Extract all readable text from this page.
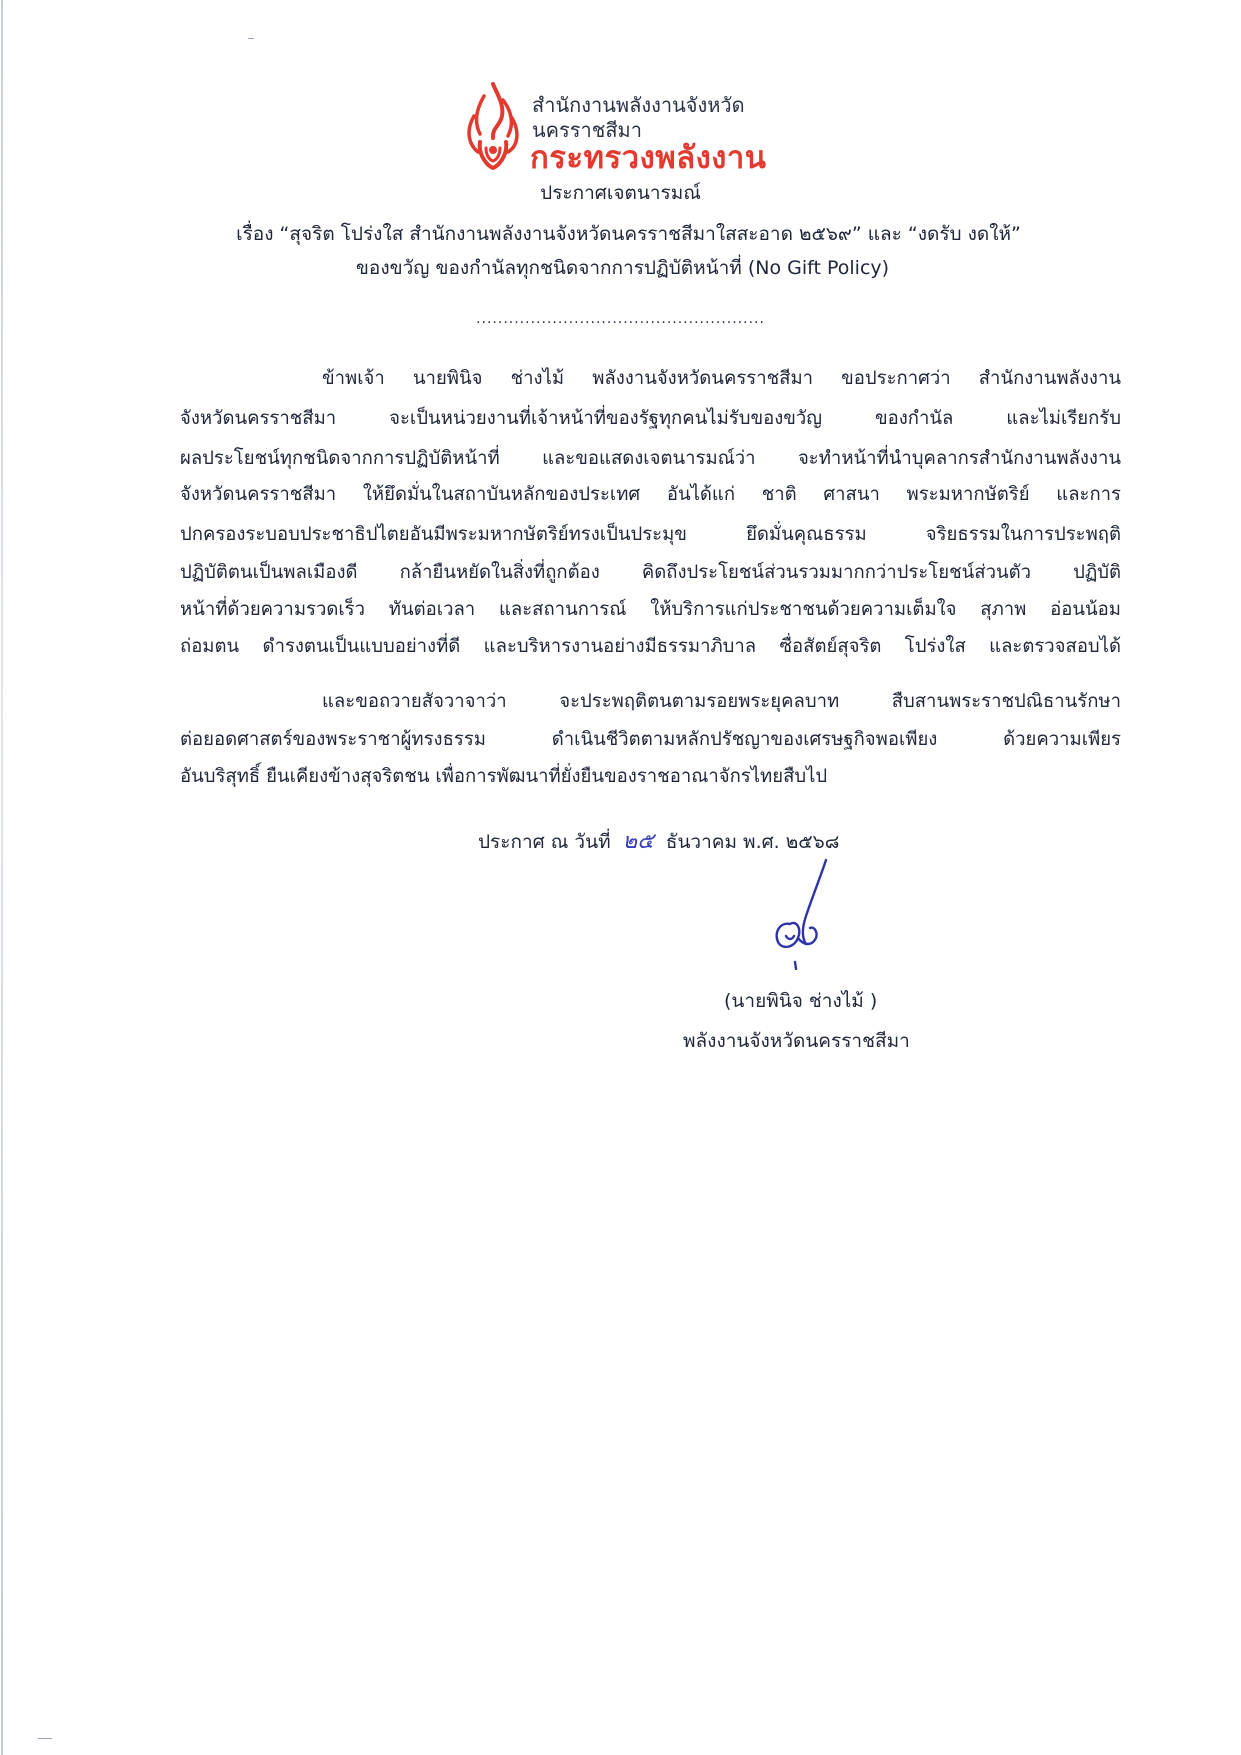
สำนักงานพลังงานจังหวัด
นครราชสีมา
กระทรวงพลังงาน
ประกาศเจตนารมณ์
เรื่อง “สุจริต โปร่งใส สำนักงานพลังงานจังหวัดนครราชสีมาใสสะอาด ๒๕๖๙” และ “งดรับ งดให้”
ของขวัญ ของกำนัลทุกชนิดจากการปฏิบัติหน้าที่ (No Gift Policy)
.....................................................
ข้าพเจ้า นายพินิจ ช่างไม้ พลังงานจังหวัดนครราชสีมา ขอประกาศว่า สำนักงานพลังงาน
จังหวัดนครราชสีมา จะเป็นหน่วยงานที่เจ้าหน้าที่ของรัฐทุกคนไม่รับของขวัญ ของกำนัล และไม่เรียกรับ
ผลประโยชน์ทุกชนิดจากการปฏิบัติหน้าที่ และขอแสดงเจตนารมณ์ว่า จะทำหน้าที่นำบุคลากรสำนักงานพลังงาน
จังหวัดนครราชสีมา ให้ยึดมั่นในสถาบันหลักของประเทศ อันได้แก่ ชาติ ศาสนา พระมหากษัตริย์ และการ
ปกครองระบอบประชาธิปไตยอันมีพระมหากษัตริย์ทรงเป็นประมุข ยึดมั่นคุณธรรม จริยธรรมในการประพฤติ
ปฏิบัติตนเป็นพลเมืองดี กล้ายืนหยัดในสิ่งที่ถูกต้อง คิดถึงประโยชน์ส่วนรวมมากกว่าประโยชน์ส่วนตัว ปฏิบัติ
หน้าที่ด้วยความรวดเร็ว ทันต่อเวลา และสถานการณ์ ให้บริการแก่ประชาชนด้วยความเต็มใจ สุภาพ อ่อนน้อม
ถ่อมตน ดำรงตนเป็นแบบอย่างที่ดี และบริหารงานอย่างมีธรรมาภิบาล ซื่อสัตย์สุจริต โปร่งใส และตรวจสอบได้
และขอถวายสัจวาจาว่า จะประพฤติตนตามรอยพระยุคลบาท สืบสานพระราชปณิธานรักษา
ต่อยอดศาสตร์ของพระราชาผู้ทรงธรรม ดำเนินชีวิตตามหลักปรัชญาของเศรษฐกิจพอเพียง ด้วยความเพียร
อันบริสุทธิ์ ยืนเคียงข้างสุจริตชน เพื่อการพัฒนาที่ยั่งยืนของราชอาณาจักรไทยสืบไป
ประกาศ ณ วันที่ ๒๕ ธันวาคม พ.ศ. ๒๕๖๘
(นายพินิจ ช่างไม้ )
พลังงานจังหวัดนครราชสีมา
